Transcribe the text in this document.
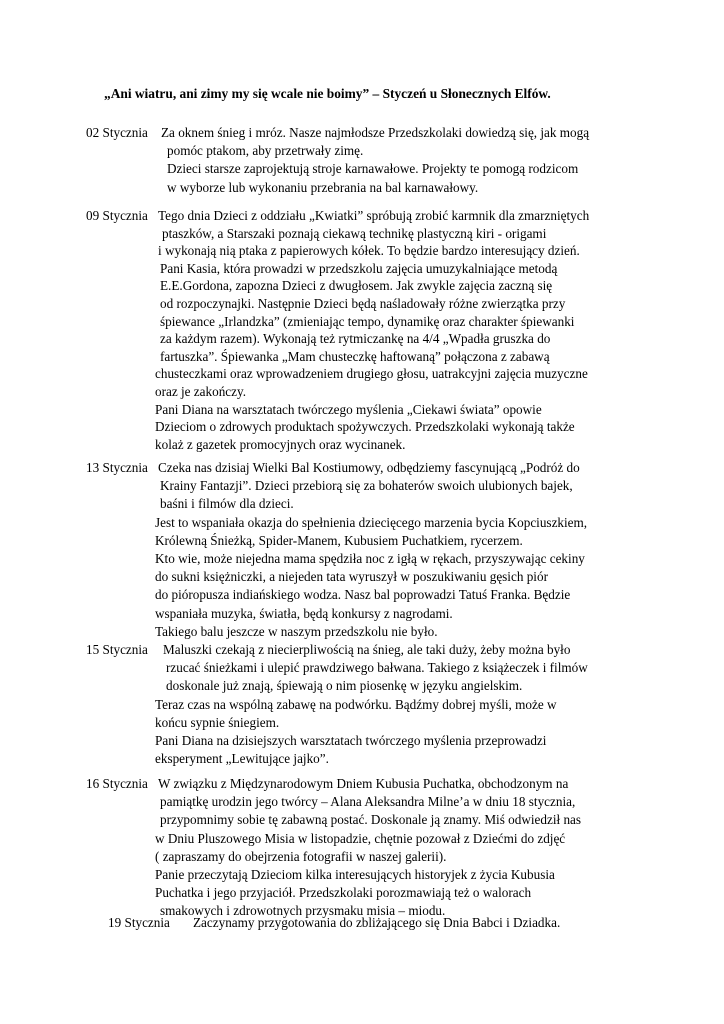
„Ani wiatru, ani zimy my się wcale nie boimy” – Styczeń u Słonecznych Elfów.
02 Stycznia Za oknem śnieg i mróz. Nasze najmłodsze Przedszkolaki dowiedzą się, jak mogą
pomóc ptakom, aby przetrwały zimę.
Dzieci starsze zaprojektują stroje karnawałowe. Projekty te pomogą rodzicom
w wyborze lub wykonaniu przebrania na bal karnawałowy.
09 Stycznia Tego dnia Dzieci z oddziału „Kwiatki” spróbują zrobić karmnik dla zmarzniętych
ptaszków, a Starszaki poznają ciekawą technikę plastyczną kiri - origami
i wykonają nią ptaka z papierowych kółek. To będzie bardzo interesujący dzień.
Pani Kasia, która prowadzi w przedszkolu zajęcia umuzykalniające metodą
E.E.Gordona, zapozna Dzieci z dwugłosem. Jak zwykle zajęcia zaczną się
od rozpoczynajki. Następnie Dzieci będą naśladowały różne zwierzątka przy
śpiewance „Irlandzka” (zmieniając tempo, dynamikę oraz charakter śpiewanki
za każdym razem). Wykonają też rytmiczankę na 4/4 „Wpadła gruszka do
fartuszka”. Śpiewanka „Mam chusteczkę haftowaną” połączona z zabawą
chusteczkami oraz wprowadzeniem drugiego głosu, uatrakcyjni zajęcia muzyczne
oraz je zakończy.
Pani Diana na warsztatach twórczego myślenia „Ciekawi świata” opowie
Dzieciom o zdrowych produktach spożywczych. Przedszkolaki wykonają także
kolaż z gazetek promocyjnych oraz wycinanek.
13 Stycznia Czeka nas dzisiaj Wielki Bal Kostiumowy, odbędziemy fascynującą „Podróż do
Krainy Fantazji”. Dzieci przebiorą się za bohaterów swoich ulubionych bajek,
baśni i filmów dla dzieci.
Jest to wspaniała okazja do spełnienia dziecięcego marzenia bycia Kopciuszkiem,
Królewną Śnieżką, Spider-Manem, Kubusiem Puchatkiem, rycerzem.
Kto wie, może niejedna mama spędziła noc z igłą w rękach, przyszywając cekiny
do sukni księżniczki, a niejeden tata wyruszył w poszukiwaniu gęsich piór
do pióropusza indiańskiego wodza. Nasz bal poprowadzi Tatuś Franka. Będzie
wspaniała muzyka, światła, będą konkursy z nagrodami.
Takiego balu jeszcze w naszym przedszkolu nie było.
15 Stycznia Maluszki czekają z niecierpliwością na śnieg, ale taki duży, żeby można było
rzucać śnieżkami i ulepić prawdziwego bałwana. Takiego z książeczek i filmów
doskonale już znają, śpiewają o nim piosenkę w języku angielskim.
Teraz czas na wspólną zabawę na podwórku. Bądźmy dobrej myśli, może w
końcu sypnie śniegiem.
Pani Diana na dzisiejszych warsztatach twórczego myślenia przeprowadzi
eksperyment „Lewitujące jajko”.
16 Stycznia W związku z Międzynarodowym Dniem Kubusia Puchatka, obchodzonym na
pamiątkę urodzin jego twórcy – Alana Aleksandra Milne’a w dniu 18 stycznia,
przypomnimy sobie tę zabawną postać. Doskonale ją znamy. Miś odwiedził nas
w Dniu Pluszowego Misia w listopadzie, chętnie pozował z Dziećmi do zdjęć
( zapraszamy do obejrzenia fotografii w naszej galerii).
Panie przeczytają Dzieciom kilka interesujących historyjek z życia Kubusia
Puchatka i jego przyjaciół. Przedszkolaki porozmawiają też o walorach
smakowych i zdrowotnych przysmaku misia – miodu.
19 Stycznia Zaczynamy przygotowania do zbliżającego się Dnia Babci i Dziadka.
